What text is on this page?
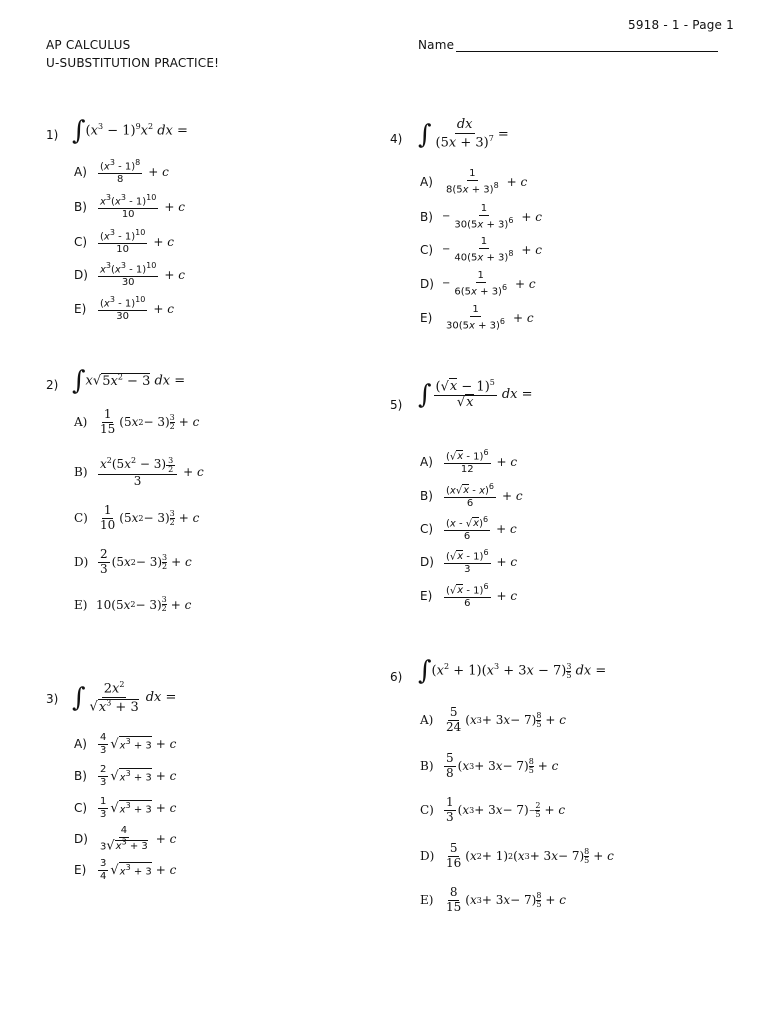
5918 - 1 - Page 1
AP CALCULUS
U-SUBSTITUTION PRACTICE!
Name
1) $\int(x^3 - 1)^9x^2$ dx =
A)	$\frac{(x^3 - 1)^8}{8} + c$
B)	$\frac{x^3(x^3 - 1)^{10}}{10} + c$
C)	$\frac{(x^3 - 1)^{10}}{10} + c$
D)	$\frac{x^3(x^3 - 1)^{10}}{30} + c$
E)	$\frac{(x^3 - 1)^{10}}{30} + c$
2) $\int x√5x^2 - 3$ dx =
$A) \frac{1}{15} (5$ x 2 − 3) 3
2 + c
$B) \frac{x^2(5x^2 - 3) \frac{3}{2}}{3} + c$
$C) \frac{1}{10} (5$ x 2 − 3) 3
2 + c
$D) \frac{2}{3} (5$ x 2 − 3) 3
2 + c
E) 10(5 x 2 − 3) 3
2 + c
3) ∫ $\frac{2x^2}{√x^3 + 3}$ dx =
A)	$\frac{4}{3}$ √ $x^3 + 3 + c$
B)	$\frac{2}{3}$ √ $x^3 + 3 + c$
C)	$\frac{1}{3}$ √ $x^3 + 3 + c$
D)	$\frac{4}{3√x^3 + 3} + c$
E)	$\frac{3}{4}$ √ $x^3 + 3 + c$
4) ∫ $\frac{dx}{(5x + 3)^7}$ =
A)	$\frac{1}{8(5x + 3)^8} + c$
$B) - \frac{1}{30(5x + 3)^6} + c$
$C) - \frac{1}{40(5x + 3)^8} + c$
$D) - \frac{1}{6(5x + 3)^6} + c$
E)	$\frac{1}{30(5x + 3)^6} + c$
5) ∫ $\frac{(√x - 1)^5}{√x}$ dx =
A)	$\frac{(√x - 1)^6}{12} + c$
B)	$\frac{(x√x - x)^6}{6} + c$
C)	$\frac{(x - √x)^6}{6} + c$
D)	$\frac{(√x - 1)^6}{3} + c$
E)	$\frac{(√x - 1)^6}{6} + c$
6) $\int(x^2 + 1)(x^3 + 3x - 7) \frac{3}{5}$ dx =
$A) \frac{5}{24}$ ( x 3 + 3 x − 7) 8
5 + c
$B) \frac{5}{8}$ ( x 3 + 3 x − 7) 8
5 + c
$C) \frac{1}{3}$ ( x 3 + 3 $x - 7) - \frac{2}{5} + c$
$D) \frac{5}{16}$ ( x 2 + 1) 2 ( x 3 + 3 x − 7) 8
5 + c
$E) \frac{8}{15}$ ( x 3 + 3 x − 7) 8
5 + c
